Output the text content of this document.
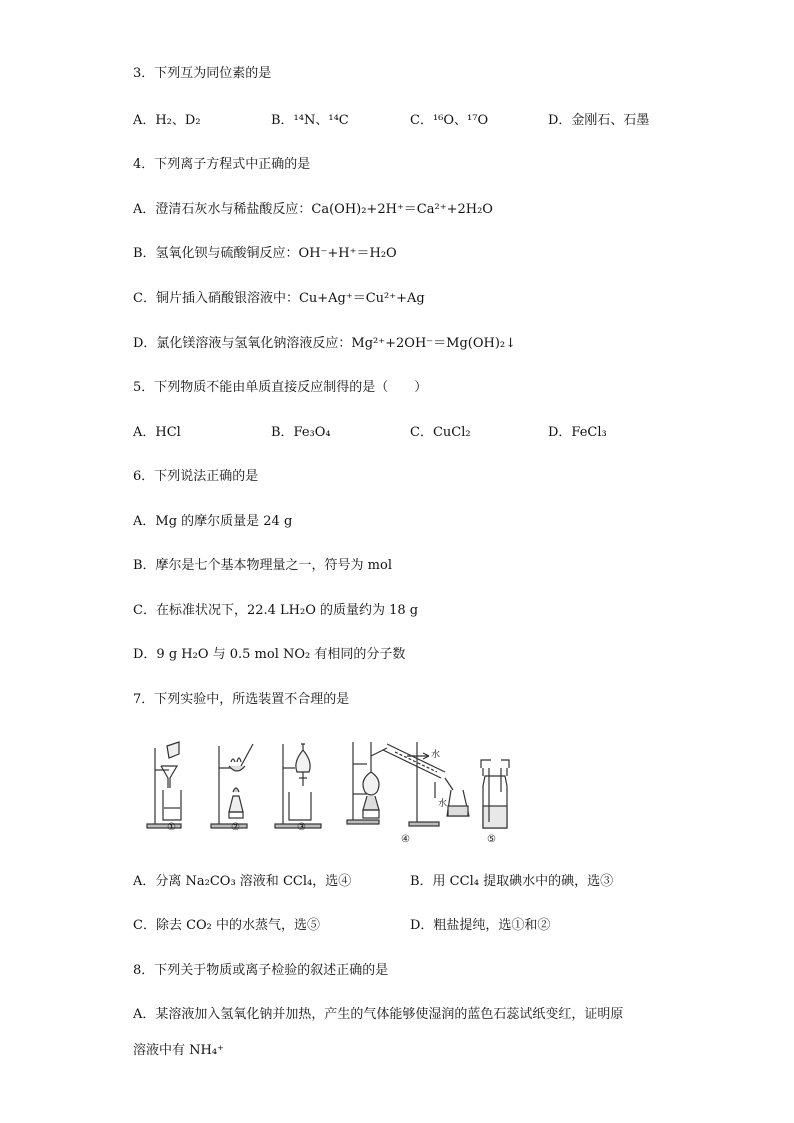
3．下列互为同位素的是
A．H₂、D₂	B．¹⁴N、¹⁴C	C．¹⁶O、¹⁷O	D．金刚石、石墨
4．下列离子方程式中正确的是
A．澄清石灰水与稀盐酸反应：Ca(OH)₂+2H⁺＝Ca²⁺+2H₂O
B．氢氧化钡与硫酸铜反应：OH⁻+H⁺＝H₂O
C．铜片插入硝酸银溶液中：Cu+Ag⁺＝Cu²⁺+Ag
D．氯化镁溶液与氢氧化钠溶液反应：Mg²⁺+2OH⁻＝Mg(OH)₂↓
5．下列物质不能由单质直接反应制得的是（　　）
A．HCl	B．Fe₃O₄	C．CuCl₂	D．FeCl₃
6．下列说法正确的是
A．Mg 的摩尔质量是 24 g
B．摩尔是七个基本物理量之一，符号为 mol
C．在标准状况下，22.4 LH₂O 的质量约为 18 g
D．9 g H₂O 与 0.5 mol NO₂ 有相同的分子数
7．下列实验中，所选装置不合理的是
①	②	③
④	⑤
水
水
A．分离 Na₂CO₃ 溶液和 CCl₄，选④	B．用 CCl₄ 提取碘水中的碘，选③
C．除去 CO₂ 中的水蒸气，选⑤	D．粗盐提纯，选①和②
8．下列关于物质或离子检验的叙述正确的是
A．某溶液加入氢氧化钠并加热，产生的气体能够使湿润的蓝色石蕊试纸变红，证明原
溶液中有 NH₄⁺
